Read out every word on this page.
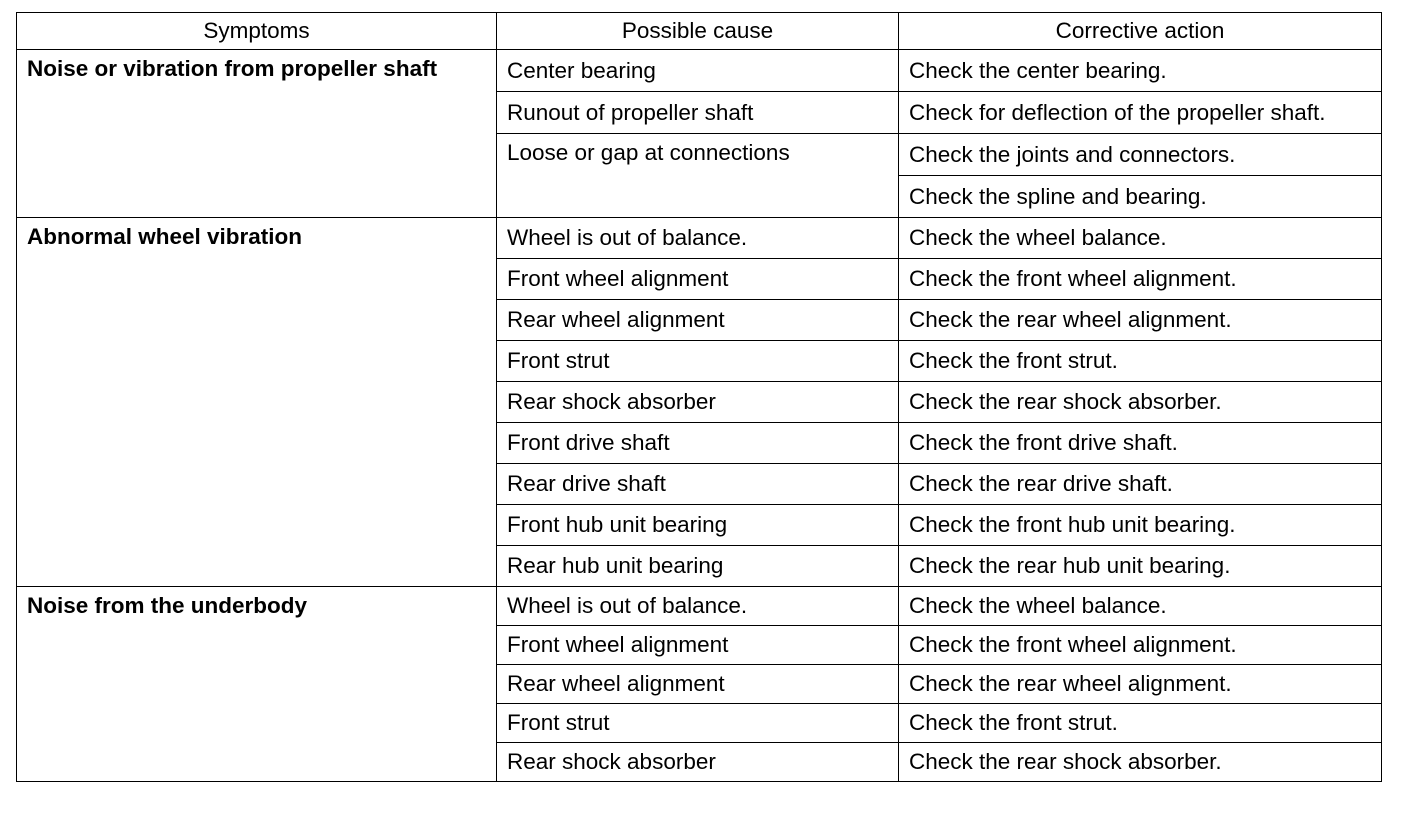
Symptoms	Possible cause	Corrective action
Noise or vibration from propeller shaft	Center bearing	Check the center bearing.
	Runout of propeller shaft	Check for deflection of the propeller shaft.
	Loose or gap at connections	Check the joints and connectors.
		Check the spline and bearing.
Abnormal wheel vibration	Wheel is out of balance.	Check the wheel balance.
	Front wheel alignment	Check the front wheel alignment.
	Rear wheel alignment	Check the rear wheel alignment.
	Front strut	Check the front strut.
	Rear shock absorber	Check the rear shock absorber.
	Front drive shaft	Check the front drive shaft.
	Rear drive shaft	Check the rear drive shaft.
	Front hub unit bearing	Check the front hub unit bearing.
	Rear hub unit bearing	Check the rear hub unit bearing.
Noise from the underbody	Wheel is out of balance.	Check the wheel balance.
	Front wheel alignment	Check the front wheel alignment.
	Rear wheel alignment	Check the rear wheel alignment.
	Front strut	Check the front strut.
	Rear shock absorber	Check the rear shock absorber.
